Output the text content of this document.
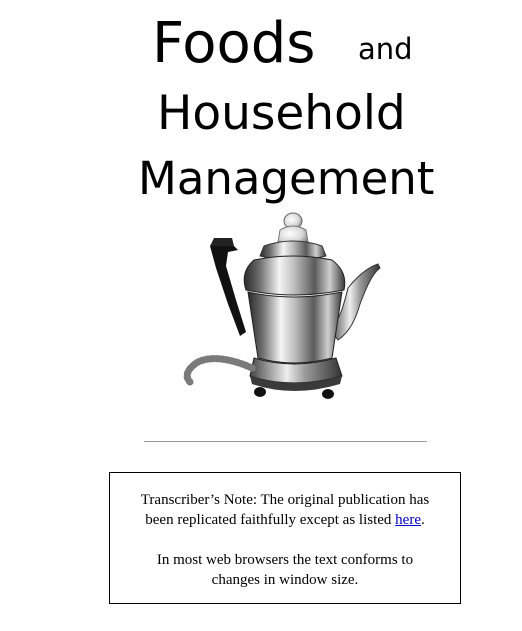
Foods and
Household
Management
Transcriber’s Note: The original publication has
been replicated faithfully except as listed here.
In most web browsers the text conforms to
changes in window size.
